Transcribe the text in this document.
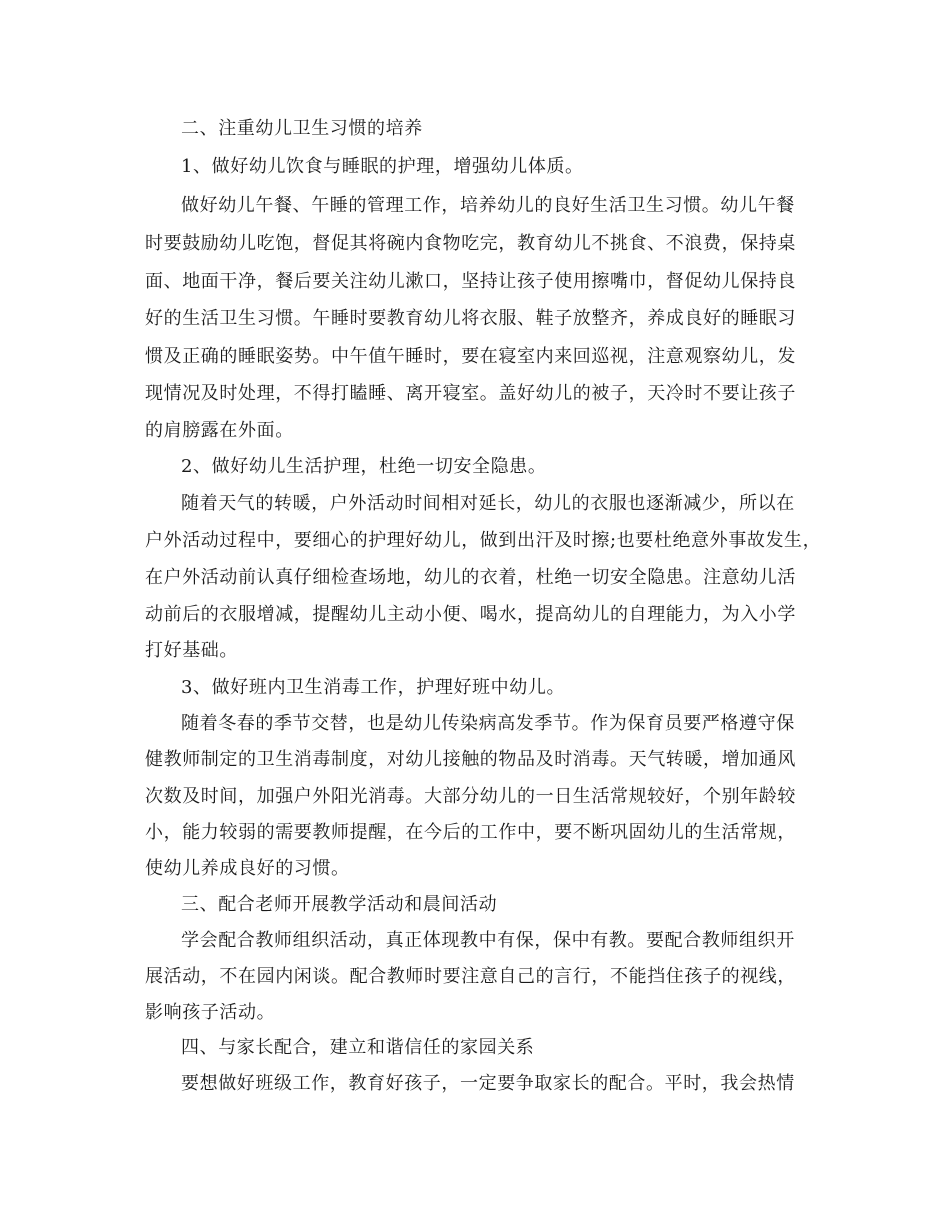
二、注重幼儿卫生习惯的培养
1、做好幼儿饮食与睡眠的护理，增强幼儿体质。
做好幼儿午餐、午睡的管理工作，培养幼儿的良好生活卫生习惯。幼儿午餐
时要鼓励幼儿吃饱，督促其将碗内食物吃完，教育幼儿不挑食、不浪费，保持桌
面、地面干净，餐后要关注幼儿漱口，坚持让孩子使用擦嘴巾，督促幼儿保持良
好的生活卫生习惯。午睡时要教育幼儿将衣服、鞋子放整齐，养成良好的睡眠习
惯及正确的睡眠姿势。中午值午睡时，要在寝室内来回巡视，注意观察幼儿，发
现情况及时处理，不得打瞌睡、离开寝室。盖好幼儿的被子，天冷时不要让孩子
的肩膀露在外面。
2、做好幼儿生活护理，杜绝一切安全隐患。
随着天气的转暖，户外活动时间相对延长，幼儿的衣服也逐渐减少，所以在
户外活动过程中，要细心的护理好幼儿，做到出汗及时擦;也要杜绝意外事故发生，
在户外活动前认真仔细检查场地，幼儿的衣着，杜绝一切安全隐患。注意幼儿活
动前后的衣服增减，提醒幼儿主动小便、喝水，提高幼儿的自理能力，为入小学
打好基础。
3、做好班内卫生消毒工作，护理好班中幼儿。
随着冬春的季节交替，也是幼儿传染病高发季节。作为保育员要严格遵守保
健教师制定的卫生消毒制度，对幼儿接触的物品及时消毒。天气转暖，增加通风
次数及时间，加强户外阳光消毒。大部分幼儿的一日生活常规较好，个别年龄较
小，能力较弱的需要教师提醒，在今后的工作中，要不断巩固幼儿的生活常规，
使幼儿养成良好的习惯。
三、配合老师开展教学活动和晨间活动
学会配合教师组织活动，真正体现教中有保，保中有教。要配合教师组织开
展活动，不在园内闲谈。配合教师时要注意自己的言行，不能挡住孩子的视线，
影响孩子活动。
四、与家长配合，建立和谐信任的家园关系
要想做好班级工作，教育好孩子，一定要争取家长的配合。平时，我会热情
